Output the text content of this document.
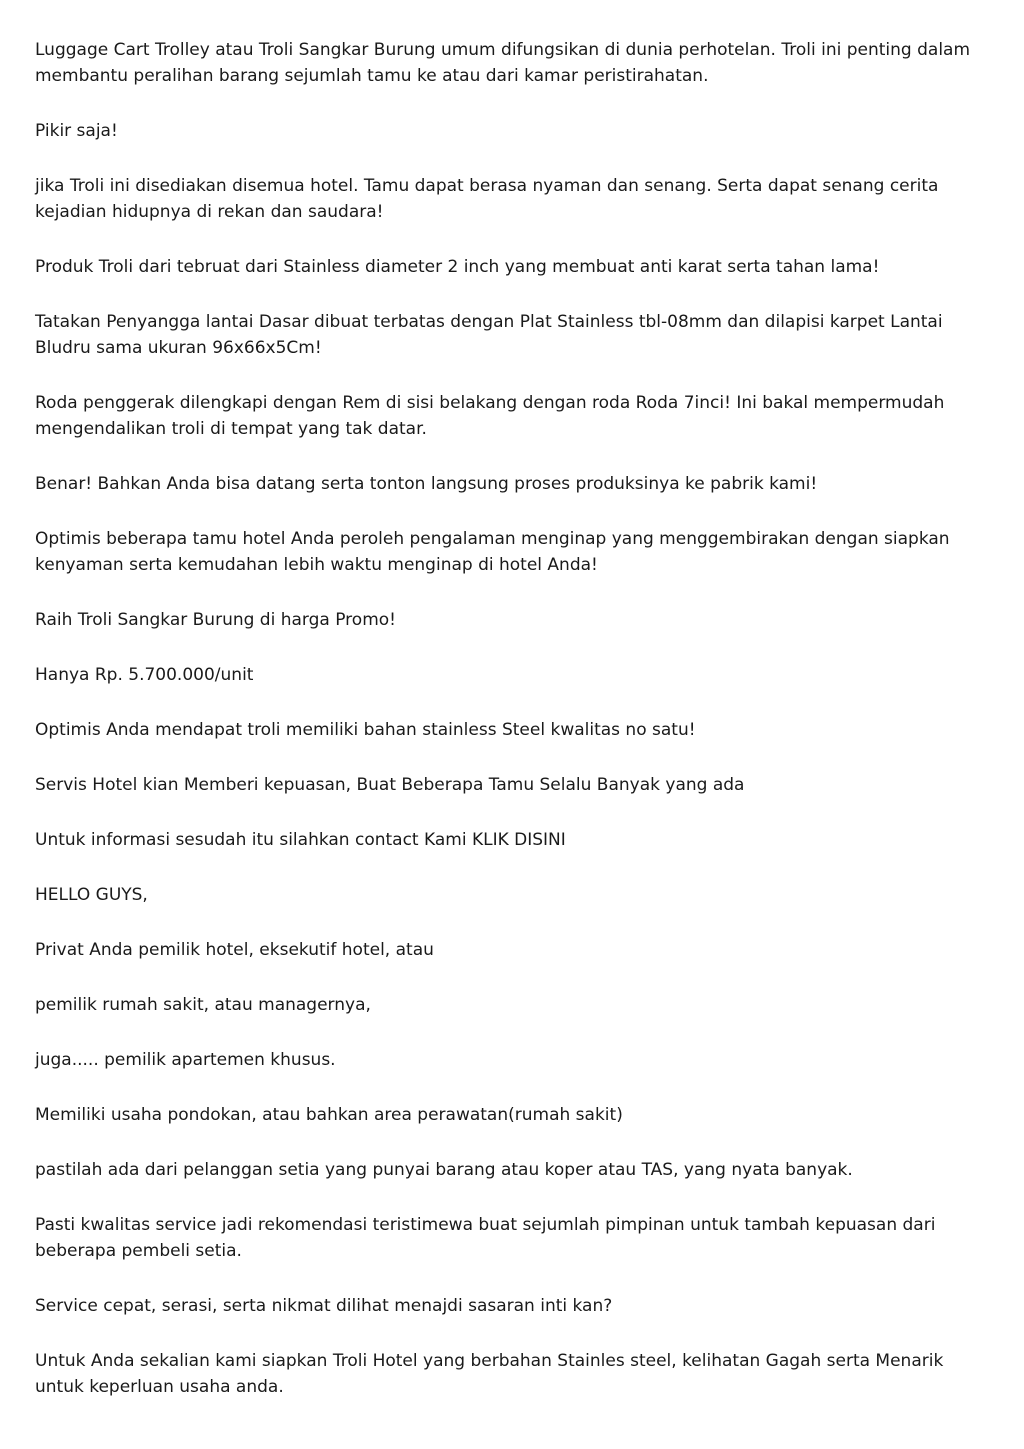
Luggage Cart Trolley atau Troli Sangkar Burung umum difungsikan di dunia perhotelan. Troli ini penting dalam membantu peralihan barang sejumlah tamu ke atau dari kamar peristirahatan.

Pikir saja!

jika Troli ini disediakan disemua hotel. Tamu dapat berasa nyaman dan senang. Serta dapat senang cerita kejadian hidupnya di rekan dan saudara!

Produk Troli dari tebruat dari Stainless diameter 2 inch yang membuat anti karat serta tahan lama!

Tatakan Penyangga lantai Dasar dibuat terbatas dengan Plat Stainless tbl-08mm dan dilapisi karpet Lantai Bludru sama ukuran 96x66x5Cm!

Roda penggerak dilengkapi dengan Rem di sisi belakang dengan roda Roda 7inci! Ini bakal mempermudah mengendalikan troli di tempat yang tak datar.

Benar! Bahkan Anda bisa datang serta tonton langsung proses produksinya ke pabrik kami!

Optimis beberapa tamu hotel Anda peroleh pengalaman menginap yang menggembirakan dengan siapkan kenyaman serta kemudahan lebih waktu menginap di hotel Anda!

Raih Troli Sangkar Burung di harga Promo!

Hanya Rp. 5.700.000/unit

Optimis Anda mendapat troli memiliki bahan stainless Steel kwalitas no satu!

Servis Hotel kian Memberi kepuasan, Buat Beberapa Tamu Selalu Banyak yang ada

Untuk informasi sesudah itu silahkan contact Kami KLIK DISINI

HELLO GUYS,

Privat Anda pemilik hotel, eksekutif hotel, atau

pemilik rumah sakit, atau managernya,

juga..... pemilik apartemen khusus.

Memiliki usaha pondokan, atau bahkan area perawatan(rumah sakit)

pastilah ada dari pelanggan setia yang punyai barang atau koper atau TAS, yang nyata banyak.

Pasti kwalitas service jadi rekomendasi teristimewa buat sejumlah pimpinan untuk tambah kepuasan dari beberapa pembeli setia.

Service cepat, serasi, serta nikmat dilihat menajdi sasaran inti kan?

Untuk Anda sekalian kami siapkan Troli Hotel yang berbahan Stainles steel, kelihatan Gagah serta Menarik untuk keperluan usaha anda.
